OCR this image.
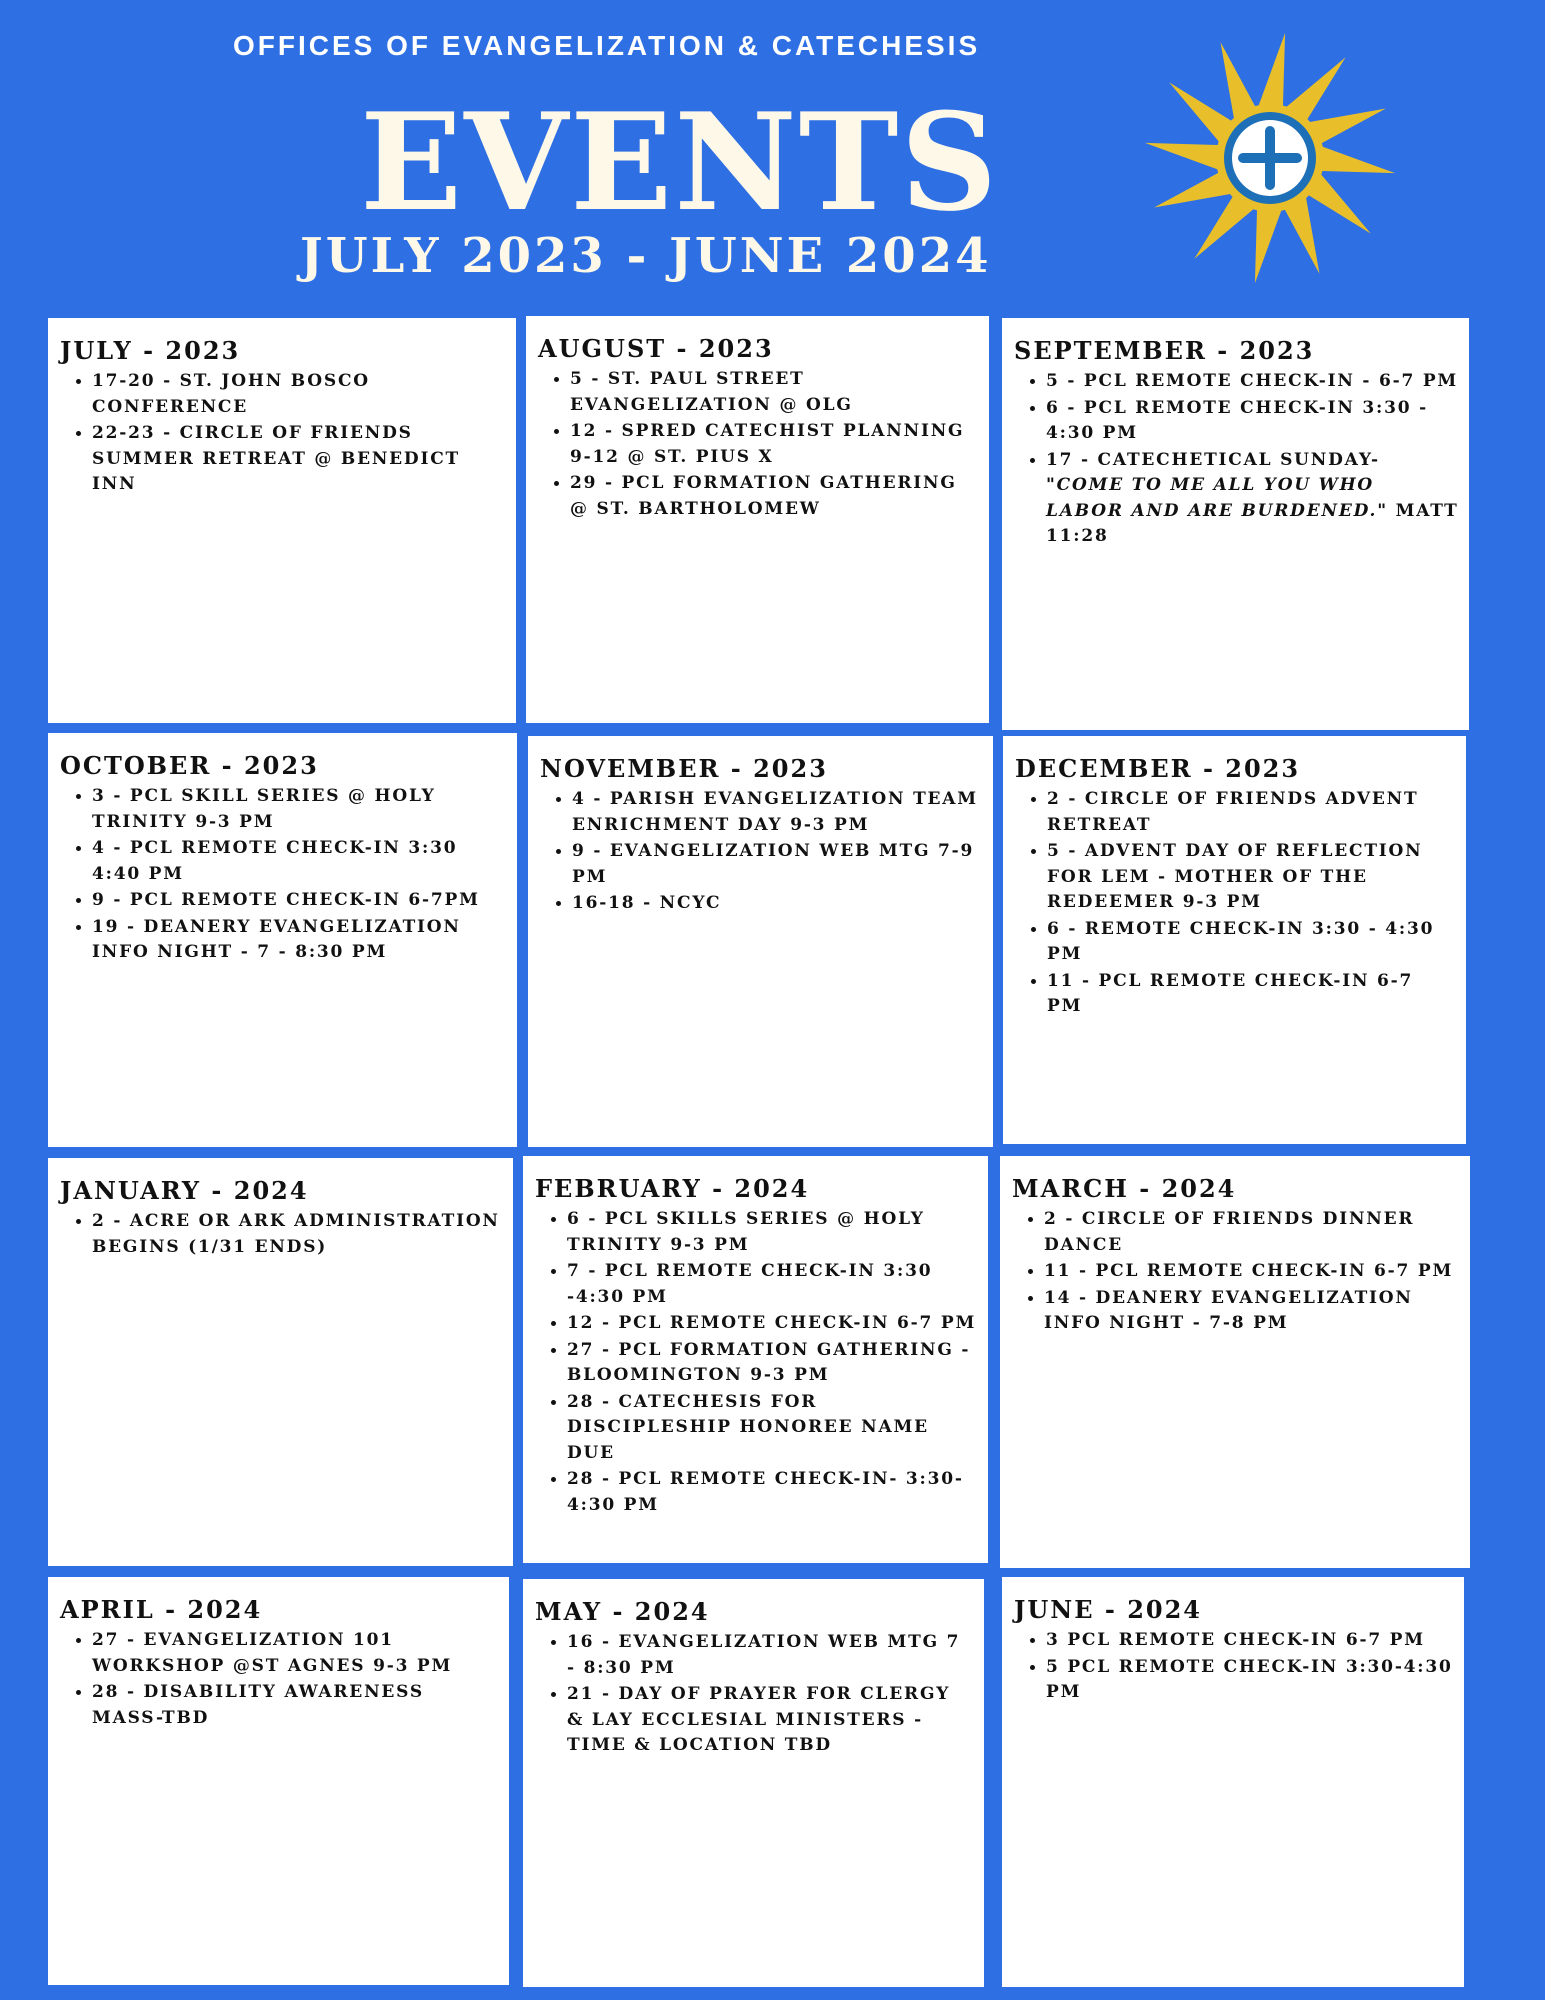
OFFICES OF EVANGELIZATION & CATECHESIS
EVENTS
JULY 2023 - JUNE 2024
JULY - 2023
• 17-20 - ST. JOHN BOSCO CONFERENCE
• 22-23 - CIRCLE OF FRIENDS SUMMER RETREAT @ BENEDICT INN
AUGUST - 2023
• 5 - ST. PAUL STREET EVANGELIZATION @ OLG
• 12 - SPRED CATECHIST PLANNING 9-12 @ ST. PIUS X
• 29 - PCL FORMATION GATHERING @ ST. BARTHOLOMEW
SEPTEMBER - 2023
• 5 - PCL REMOTE CHECK-IN - 6-7 PM
• 6 - PCL REMOTE CHECK-IN 3:30 - 4:30 PM
• 17 - CATECHETICAL SUNDAY- "COME TO ME ALL YOU WHO LABOR AND ARE BURDENED." MATT 11:28
OCTOBER - 2023
• 3 - PCL SKILL SERIES @ HOLY TRINITY 9-3 PM
• 4 - PCL REMOTE CHECK-IN 3:30 4:40 PM
• 9 - PCL REMOTE CHECK-IN 6-7PM
• 19 - DEANERY EVANGELIZATION INFO NIGHT - 7 - 8:30 PM
NOVEMBER - 2023
• 4 - PARISH EVANGELIZATION TEAM ENRICHMENT DAY 9-3 PM
• 9 - EVANGELIZATION WEB MTG 7-9 PM
• 16-18 - NCYC
DECEMBER - 2023
• 2 - CIRCLE OF FRIENDS ADVENT RETREAT
• 5 - ADVENT DAY OF REFLECTION FOR LEM - MOTHER OF THE REDEEMER 9-3 PM
• 6 - REMOTE CHECK-IN 3:30 - 4:30 PM
• 11 - PCL REMOTE CHECK-IN 6-7 PM
JANUARY - 2024
• 2 - ACRE OR ARK ADMINISTRATION BEGINS (1/31 ENDS)
FEBRUARY - 2024
• 6 - PCL SKILLS SERIES @ HOLY TRINITY 9-3 PM
• 7 - PCL REMOTE CHECK-IN 3:30 -4:30 PM
• 12 - PCL REMOTE CHECK-IN 6-7 PM
• 27 - PCL FORMATION GATHERING - BLOOMINGTON 9-3 PM
• 28 - CATECHESIS FOR DISCIPLESHIP HONOREE NAME DUE
• 28 - PCL REMOTE CHECK-IN- 3:30-4:30 PM
MARCH - 2024
• 2 - CIRCLE OF FRIENDS DINNER DANCE
• 11 - PCL REMOTE CHECK-IN 6-7 PM
• 14 - DEANERY EVANGELIZATION INFO NIGHT - 7-8 PM
APRIL - 2024
• 27 - EVANGELIZATION 101 WORKSHOP @ST AGNES 9-3 PM
• 28 - DISABILITY AWARENESS MASS-TBD
MAY - 2024
• 16 - EVANGELIZATION WEB MTG 7 - 8:30 PM
• 21 - DAY OF PRAYER FOR CLERGY & LAY ECCLESIAL MINISTERS - TIME & LOCATION TBD
JUNE - 2024
• 3 PCL REMOTE CHECK-IN 6-7 PM
• 5 PCL REMOTE CHECK-IN 3:30-4:30 PM
